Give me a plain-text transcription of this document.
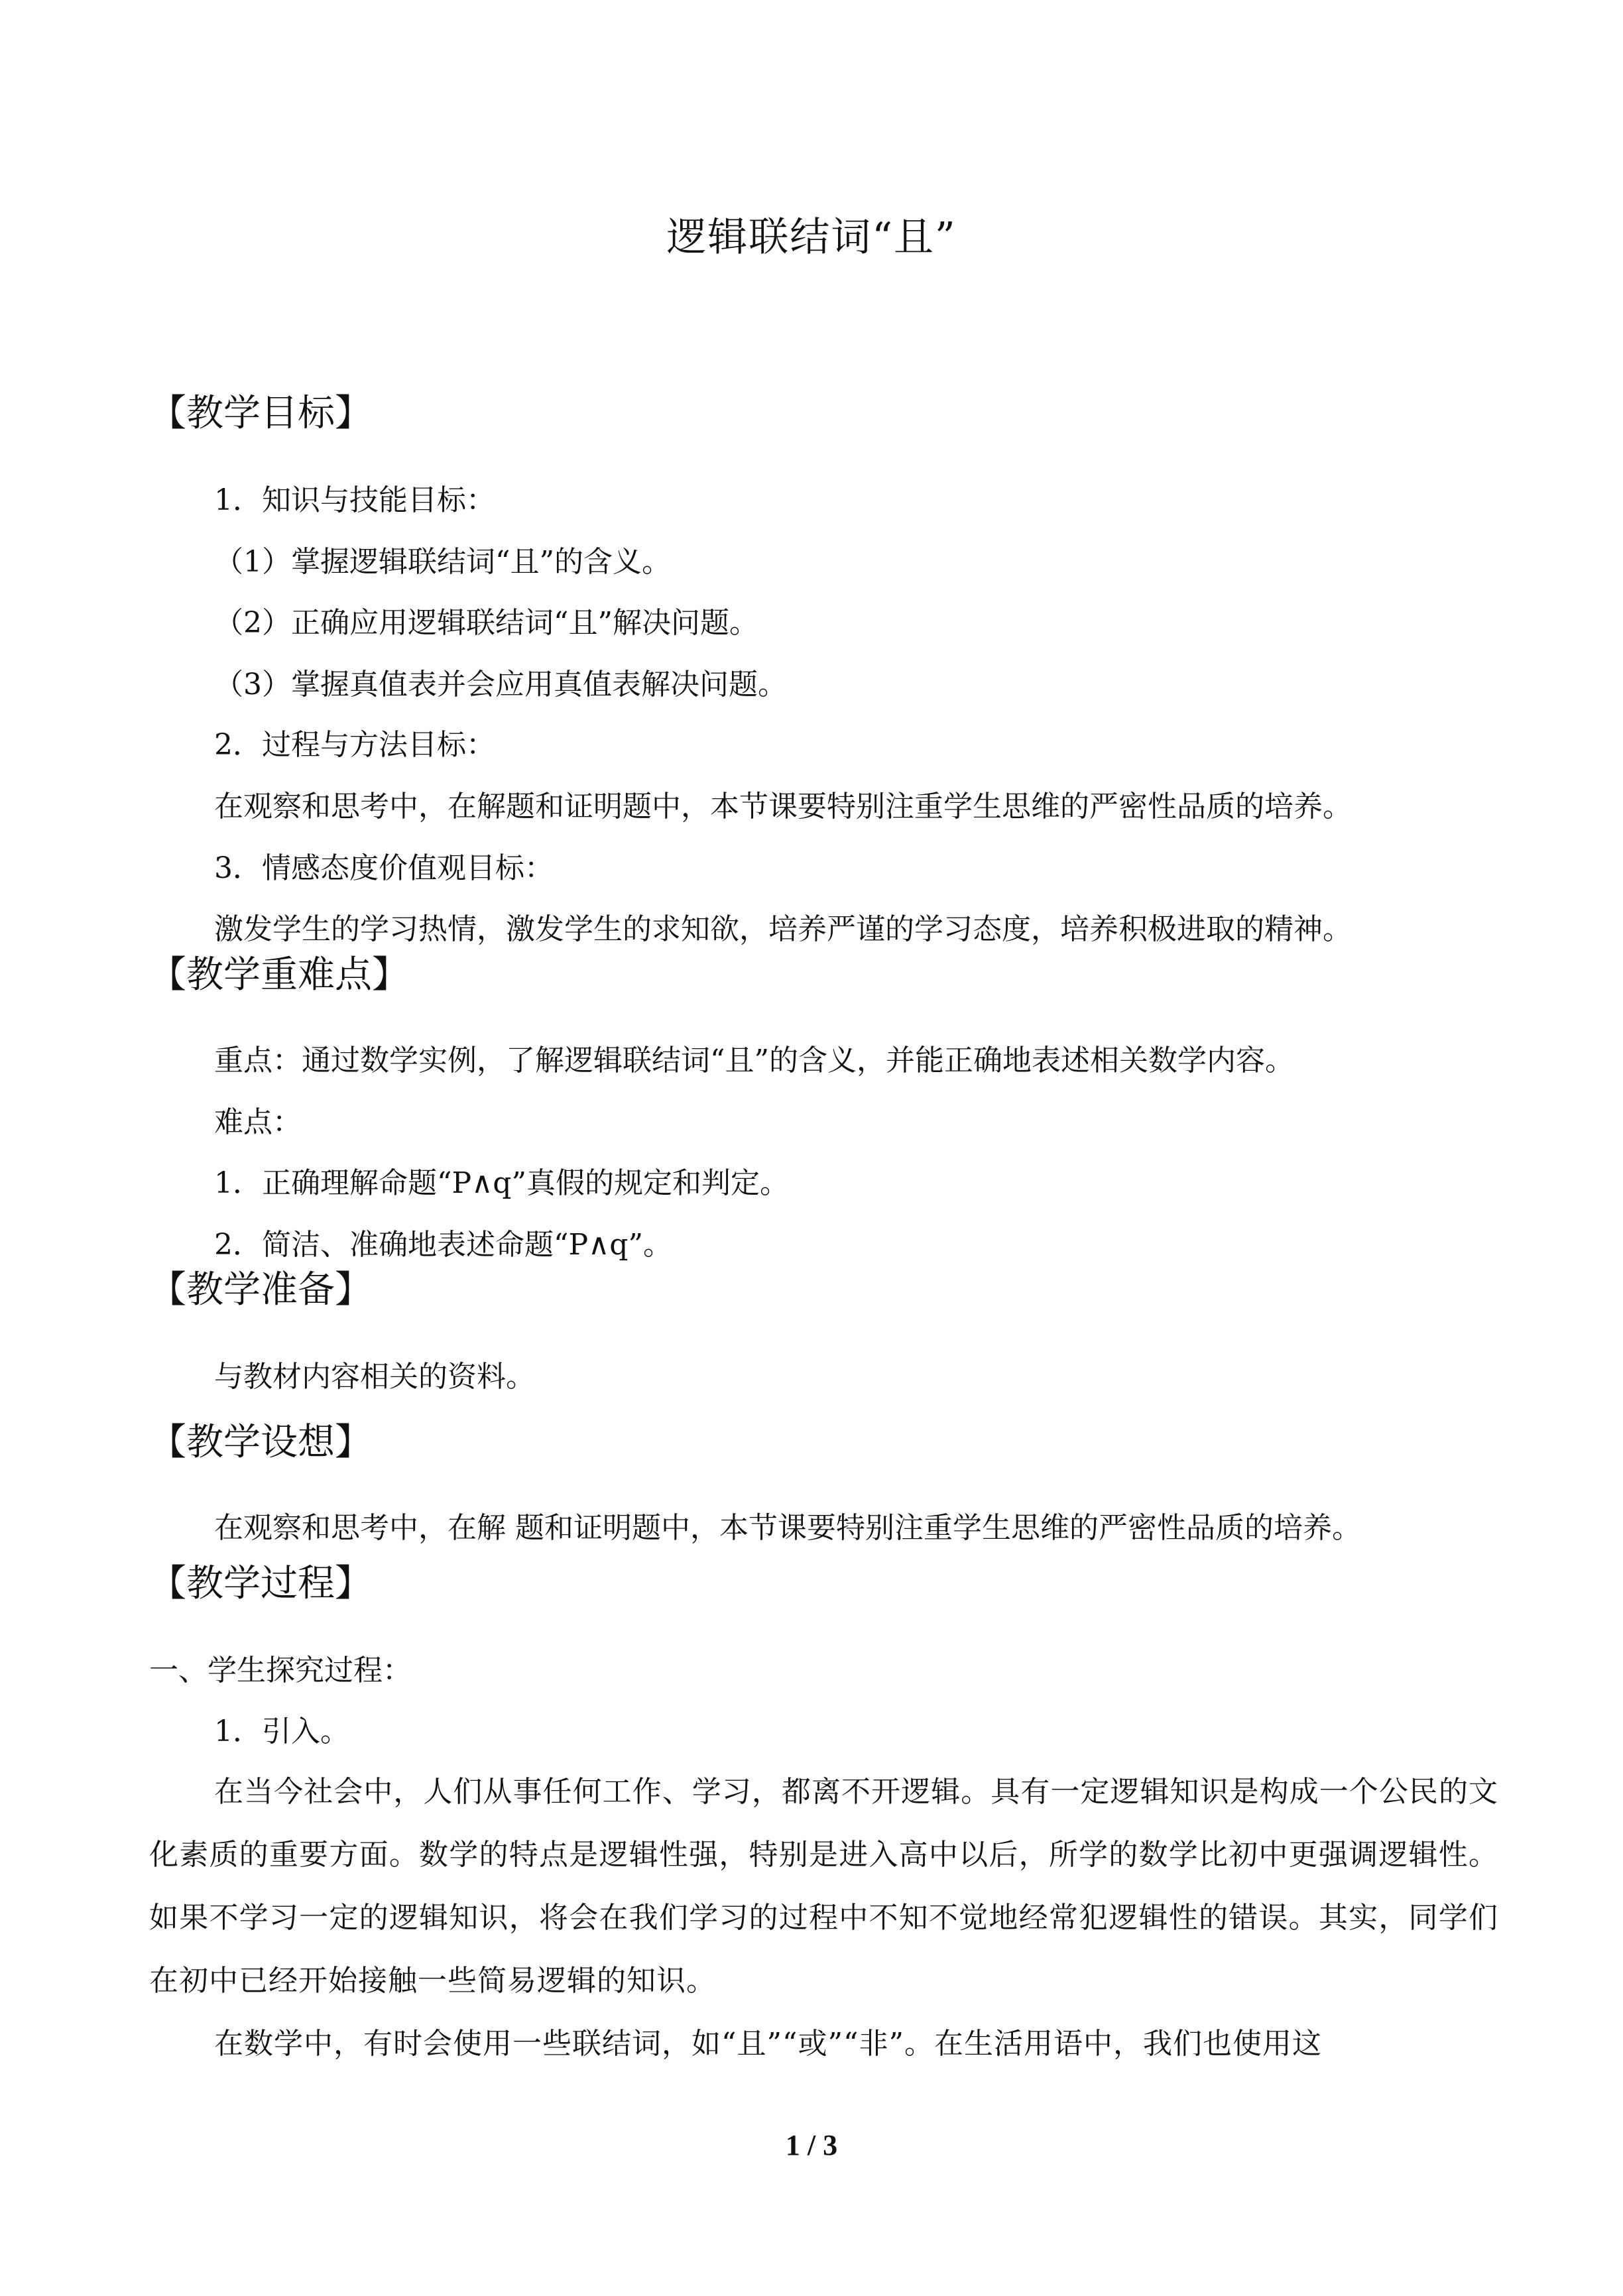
逻辑联结词“且”
【教学目标】
1．知识与技能目标：
（1）掌握逻辑联结词“且”的含义。
（2）正确应用逻辑联结词“且”解决问题。
（3）掌握真值表并会应用真值表解决问题。
2．过程与方法目标：
在观察和思考中，在解题和证明题中，本节课要特别注重学生思维的严密性品质的培养。
3．情感态度价值观目标：
激发学生的学习热情，激发学生的求知欲，培养严谨的学习态度，培养积极进取的精神。
【教学重难点】
重点：通过数学实例，了解逻辑联结词“且”的含义，并能正确地表述相关数学内容。
难点：
1．正确理解命题“P∧q”真假的规定和判定。
2．简洁、准确地表述命题“P∧q”。
【教学准备】
与教材内容相关的资料。
【教学设想】
在观察和思考中，在解 题和证明题中，本节课要特别注重学生思维的严密性品质的培养。
【教学过程】
一、学生探究过程：
1．引入。
在当今社会中，人们从事任何工作、学习，都离不开逻辑。具有一定逻辑知识是构成一个公民的文化素质的重要方面。数学的特点是逻辑性强，特别是进入高中以后，所学的数学比初中更强调逻辑性。如果不学习一定的逻辑知识，将会在我们学习的过程中不知不觉地经常犯逻辑性的错误。其实，同学们在初中已经开始接触一些简易逻辑的知识。
在数学中，有时会使用一些联结词，如“且”“或”“非”。在生活用语中，我们也使用这
1 / 3
